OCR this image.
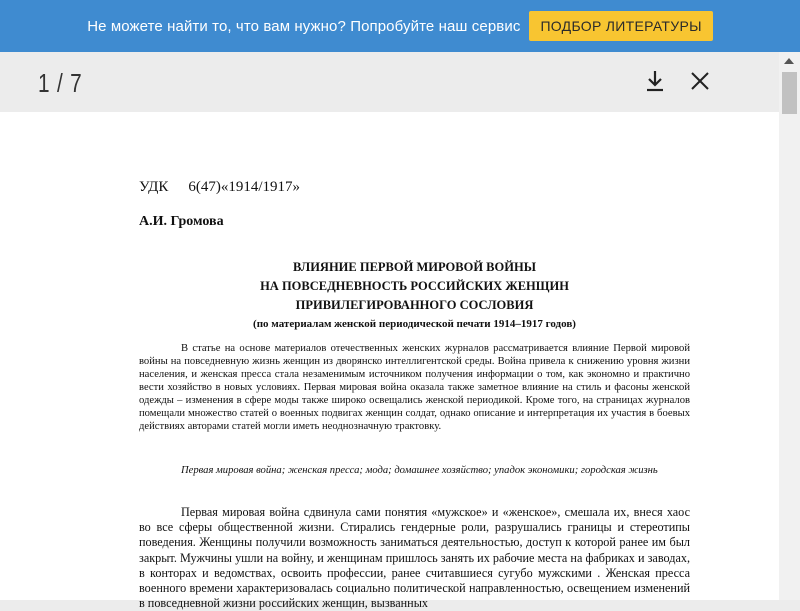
Не можете найти то, что вам нужно? Попробуйте наш сервис	ПОДБОР ЛИТЕРАТУРЫ
1 / 7
УДК 6(47)«1914/1917»
А.И. Громова
ВЛИЯНИЕ ПЕРВОЙ МИРОВОЙ ВОЙНЫ
НА ПОВСЕДНЕВНОСТЬ РОССИЙСКИХ ЖЕНЩИН
ПРИВИЛЕГИРОВАННОГО СОСЛОВИЯ
(по материалам женской периодической печати 1914–1917 годов)

В статье на основе материалов отечественных женских журналов рассматривается влияние Первой мировой войны на повседневную жизнь женщин из дворянско интеллигентской среды. Война привела к снижению уровня жизни населения, и женская пресса стала незаменимым источником получения информации о том, как экономно и практично вести хозяйство в новых условиях. Первая мировая война оказала также заметное влияние на стиль и фасоны женской одежды – изменения в сфере моды также широко освещались женской периодикой. Кроме того, на страницах журналов помещали множество статей о военных подвигах женщин солдат, однако описание и интерпретация их участия в боевых действиях авторами статей могли иметь неоднозначную трактовку.

Первая мировая война; женская пресса; мода; домашнее хозяйство; упадок экономики; городская жизнь

Первая мировая война сдвинула сами понятия «мужское» и «женское», смешала их, внеся хаос во все сферы общественной жизни. Стирались гендерные роли, разрушались границы и стереотипы поведения. Женщины получили возможность заниматься деятельностью, доступ к которой ранее им был закрыт. Мужчины ушли на войну, и женщинам пришлось занять их рабочие места на фабриках и заводах, в конторах и ведомствах, освоить профессии, ранее считавшиеся сугубо мужскими . Женская пресса военного времени характеризовалась социально политической направленностью, освещением изменений в повседневной жизни российских женщин, вызванных
